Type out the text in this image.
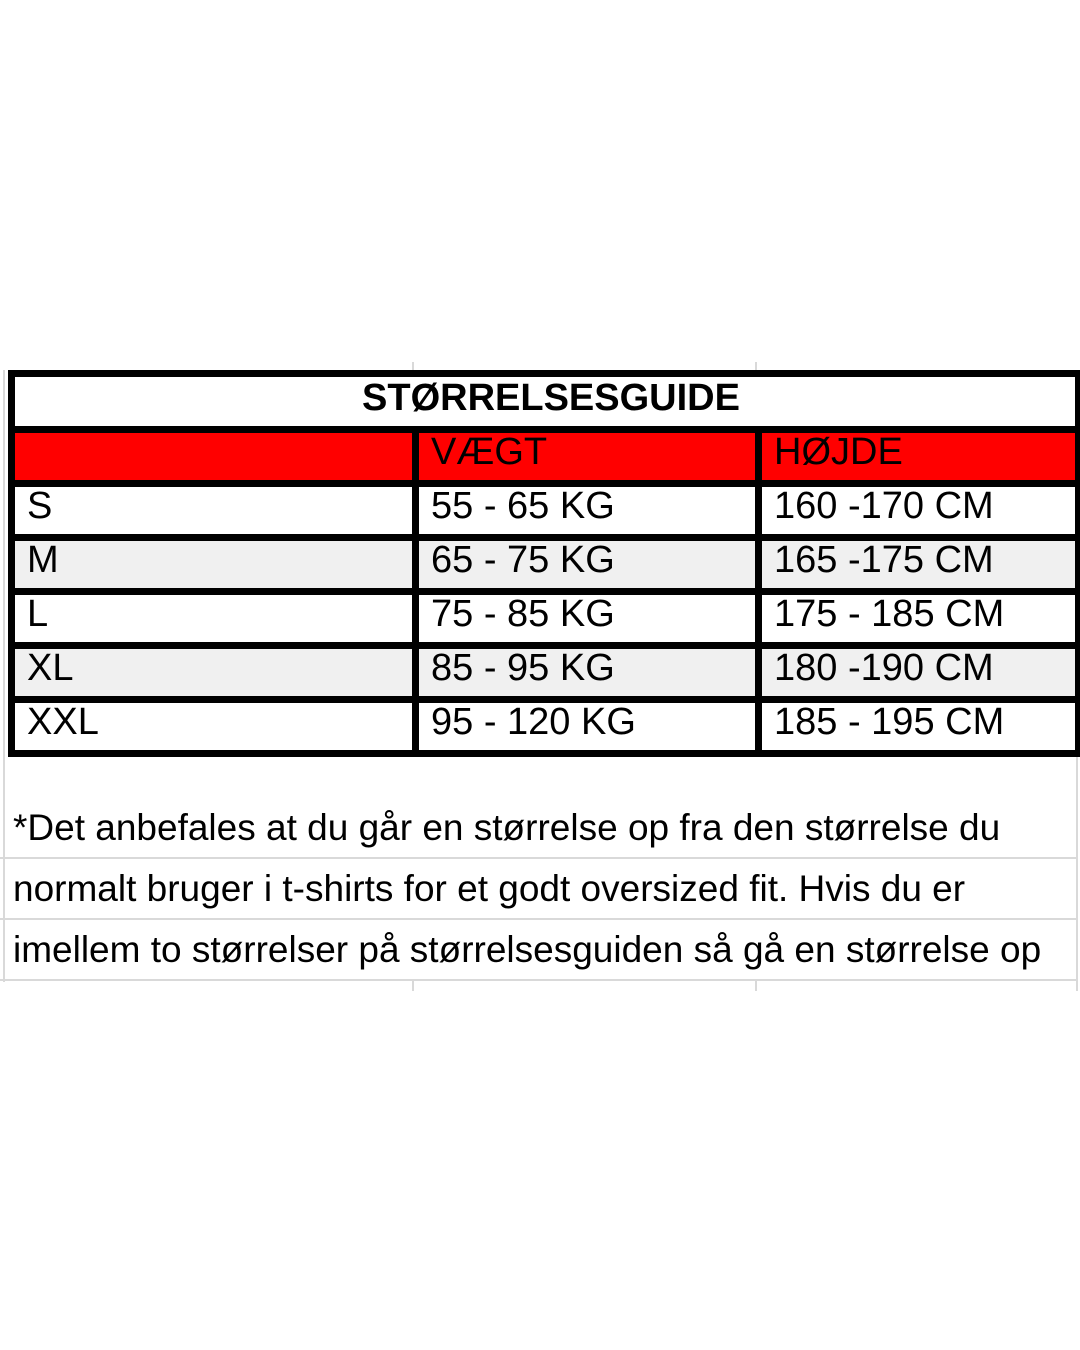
STØRRELSESGUIDE		
	VÆGT	HØJDE
S	55 - 65 KG	160 -170 CM
M	65 - 75 KG	165 -175 CM
L	75 - 85 KG	175 - 185 CM
XL	85 - 95 KG	180 -190 CM
XXL	95 - 120 KG	185 - 195 CM
*Det anbefales at du går en størrelse op fra den størrelse du
normalt bruger i t-shirts for et godt oversized fit. Hvis du er
imellem to størrelser på størrelsesguiden så gå en størrelse op
